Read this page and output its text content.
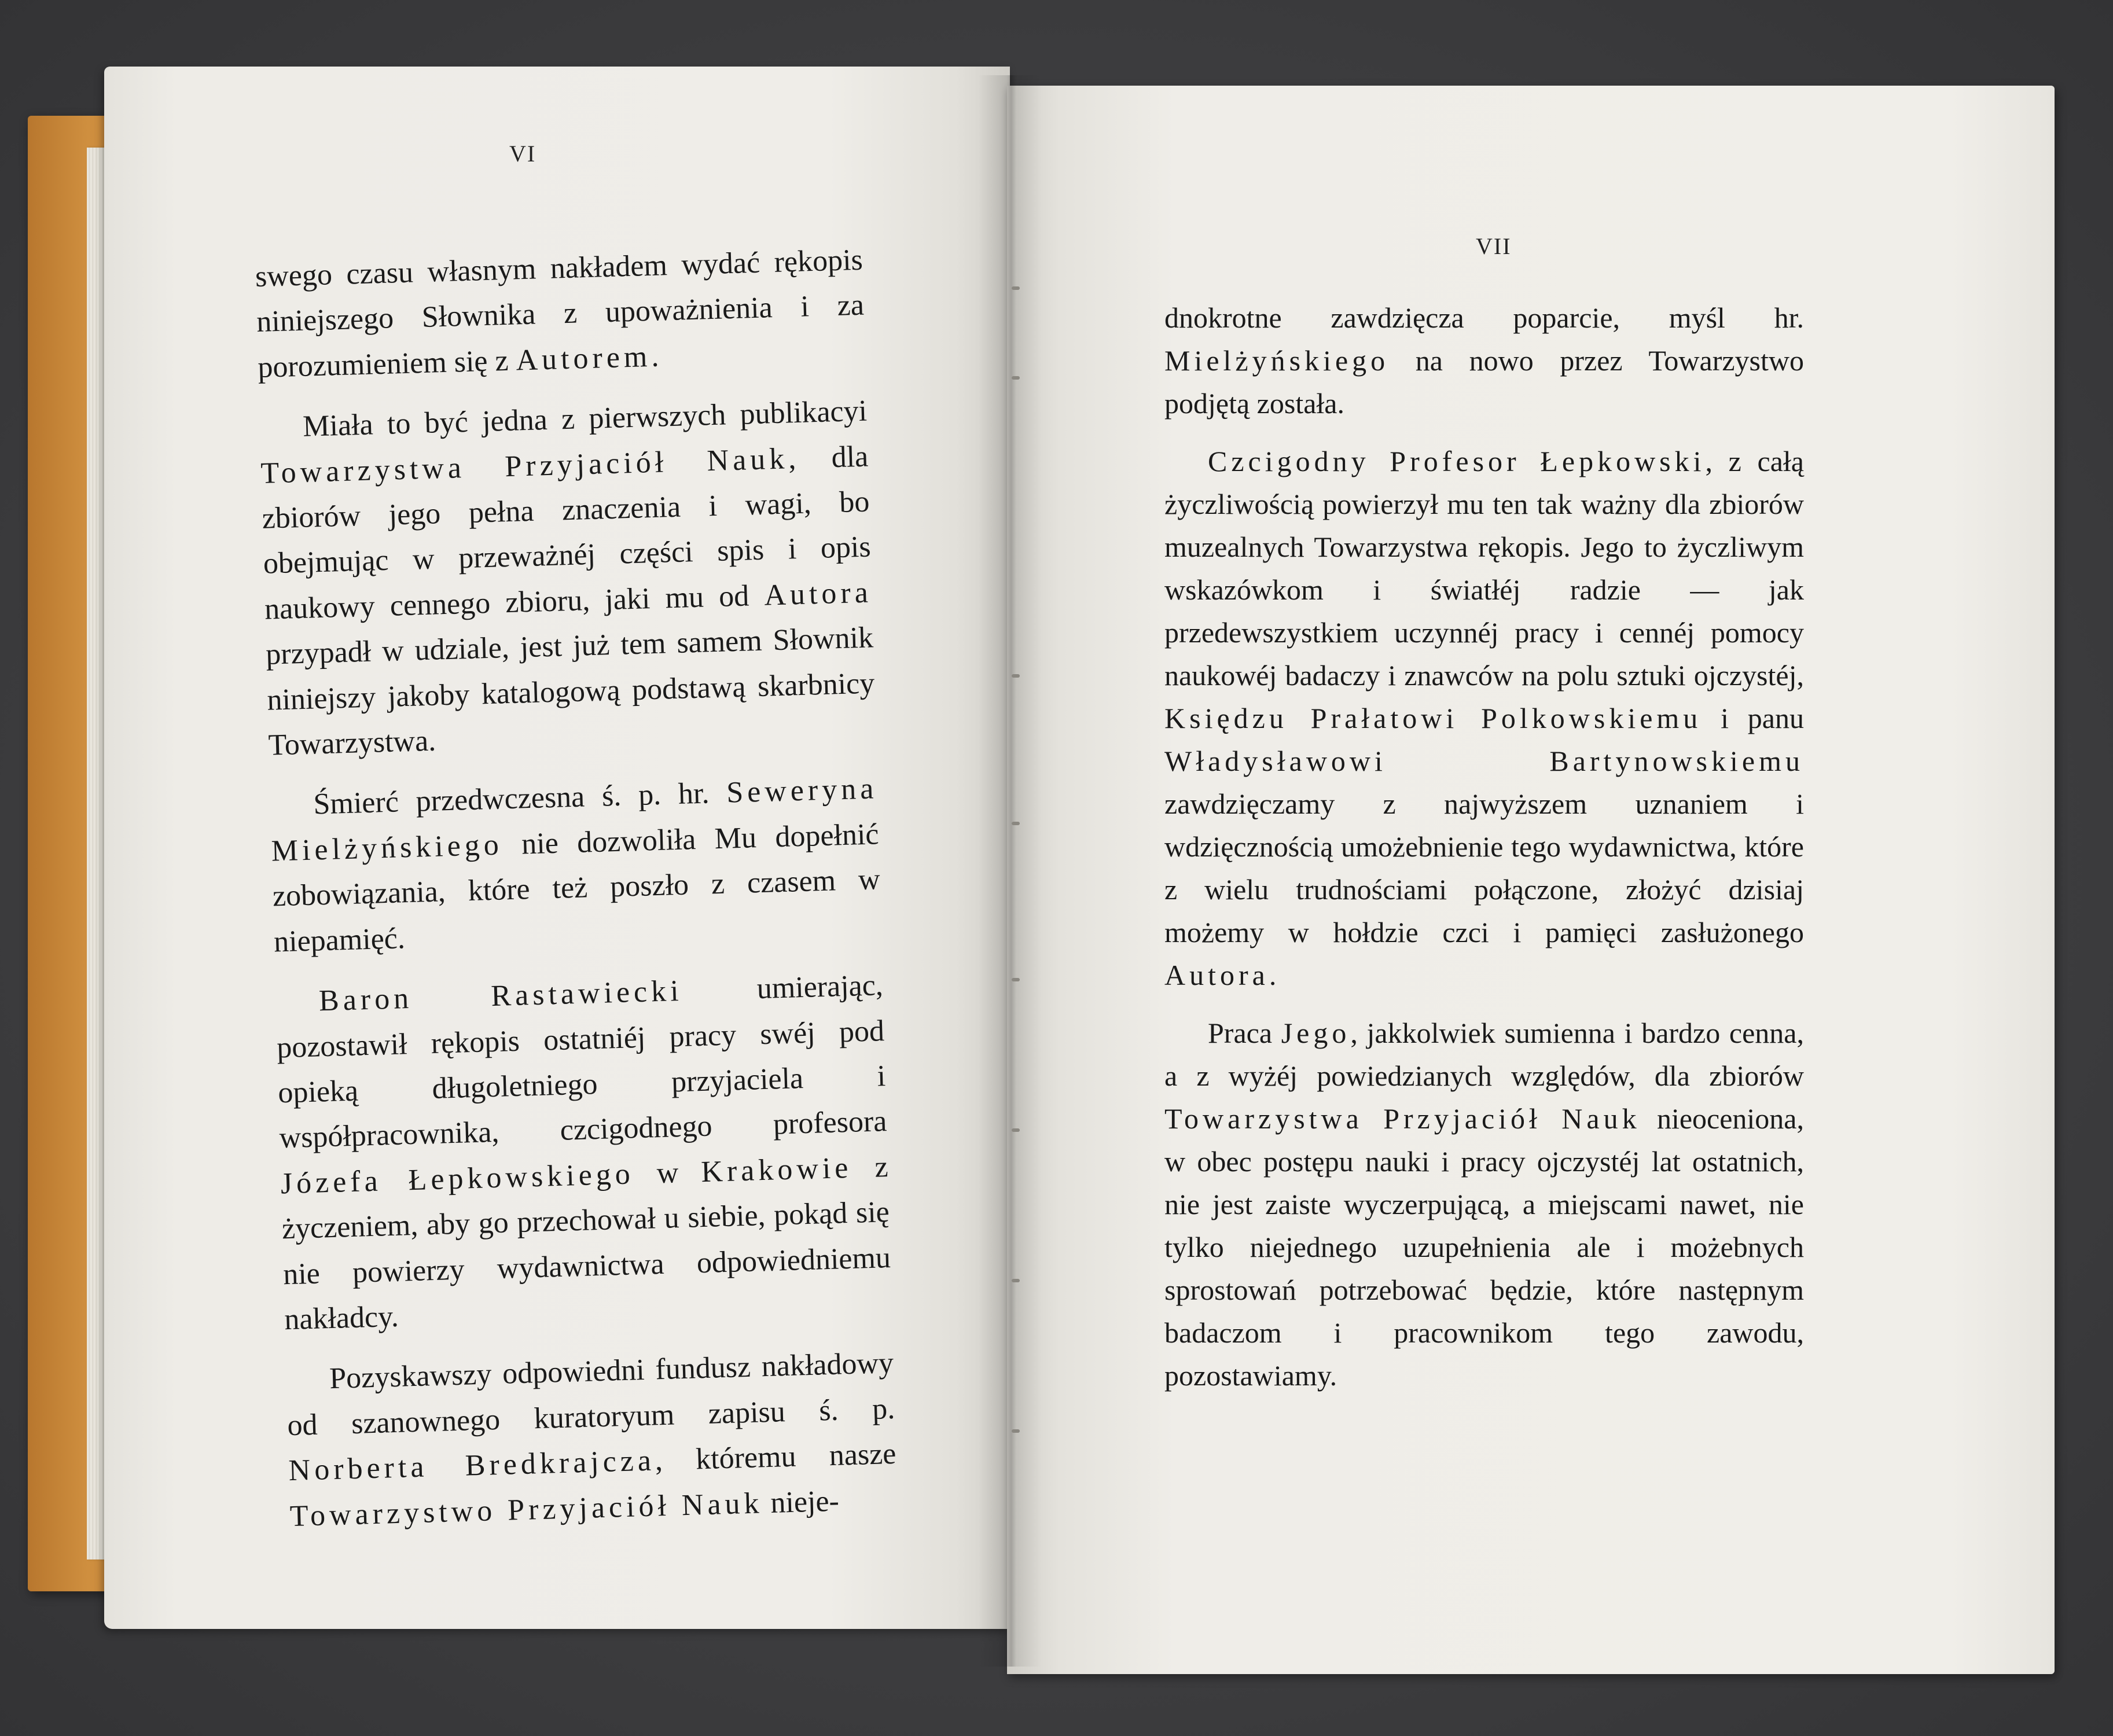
VI
VII

swego czasu własnym nakładem wydać rękopis niniejszego Słownika z upoważnienia i za porozumieniem się z Autorem.

Miała to być jedna z pierwszych publikacyi Towarzystwa Przyjaciół Nauk, dla zbiorów jego pełna znaczenia i wagi, bo obejmując w przeważnéj części spis i opis naukowy cennego zbioru, jaki mu od Autora przypadł w udziale, jest już tem samem Słownik niniejszy jakoby katalogową podstawą skarbnicy Towarzystwa.

Śmierć przedwczesna ś. p. hr. Seweryna Mielżyńskiego nie dozwoliła Mu dopełnić zobowiązania, które też poszło z czasem w niepamięć.

Baron Rastawiecki umierając, pozostawił rękopis ostatniéj pracy swéj pod opieką długoletniego przyjaciela i współpracownika, czcigodnego profesora Józefa Łepkowskiego w Krakowie z życzeniem, aby go przechował u siebie, pokąd się nie powierzy wydawnictwa odpowiedniemu nakładcy.

Pozyskawszy odpowiedni fundusz nakładowy od szanownego kuratoryum zapisu ś. p. Norberta Bredkrajcza, któremu nasze Towarzystwo Przyjaciół Nauk nieje-

dnokrotne zawdzięcza poparcie, myśl hr. Mielżyńskiego na nowo przez Towarzystwo podjętą została.

Czcigodny Profesor Łepkowski, z całą życzliwością powierzył mu ten tak ważny dla zbiorów muzealnych Towarzystwa rękopis. Jego to życzliwym wskazówkom i światłéj radzie — jak przedewszystkiem uczynnéj pracy i cennéj pomocy naukowéj badaczy i znawców na polu sztuki ojczystéj, Księdzu Prałatowi Polkowskiemu i panu Władysławowi Bartynowskiemu zawdzięczamy z najwyższem uznaniem i wdzięcznością umożebnienie tego wydawnictwa, które z wielu trudnościami połączone, złożyć dzisiaj możemy w hołdzie czci i pamięci zasłużonego Autora.

Praca Jego, jakkolwiek sumienna i bardzo cenna, a z wyżéj powiedzianych względów, dla zbiorów Towarzystwa Przyjaciół Nauk nieoceniona, w obec postępu nauki i pracy ojczystéj lat ostatnich, nie jest zaiste wyczerpującą, a miejscami nawet, nie tylko niejednego uzupełnienia ale i możebnych sprostowań potrzebować będzie, które następnym badaczom i pracownikom tego zawodu, pozostawiamy.
